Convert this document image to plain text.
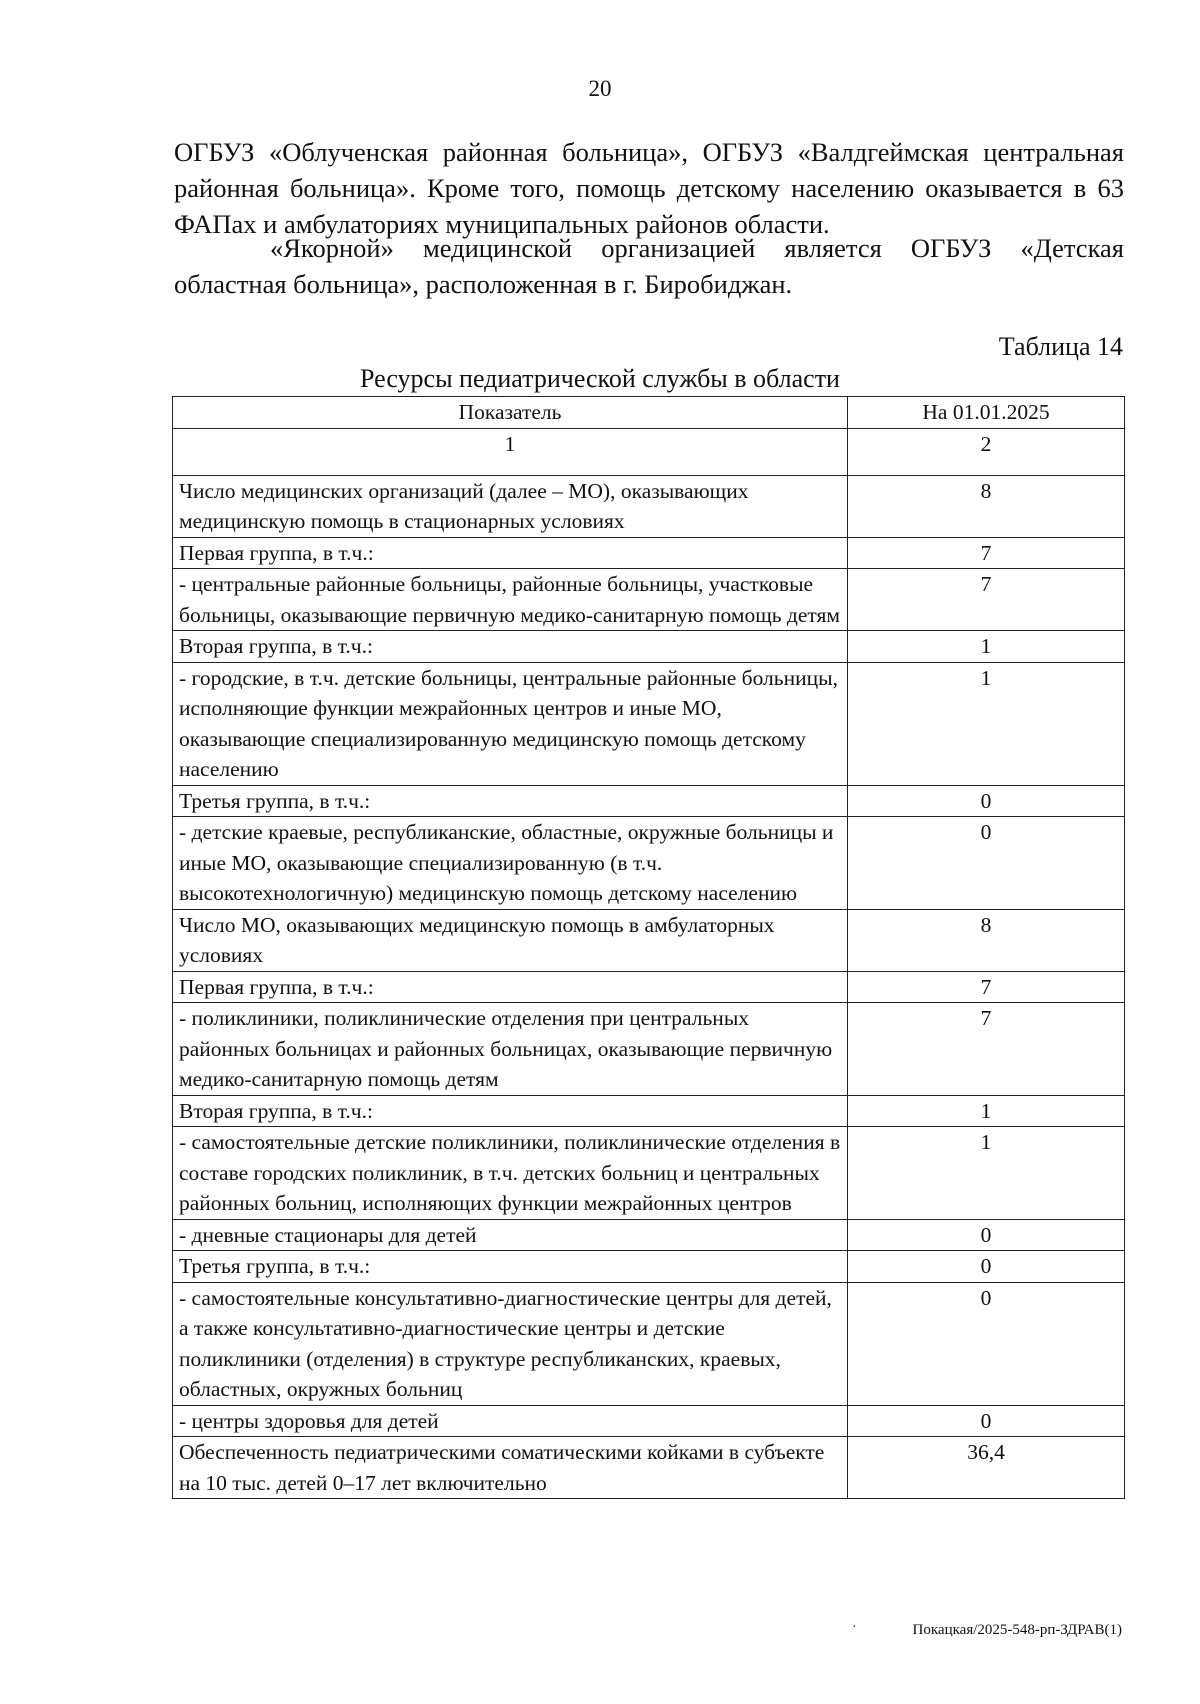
20
ОГБУЗ «Облученская районная больница», ОГБУЗ «Валдгеймская центральная районная больница». Кроме того, помощь детскому населению оказывается в 63 ФАПах и амбулаториях муниципальных районов области.
«Якорной» медицинской организацией является ОГБУЗ «Детская областная больница», расположенная в г. Биробиджан.
Таблица 14
Ресурсы педиатрической службы в области
Показатель	На 01.01.2025
1	2
Число медицинских организаций (далее – МО), оказывающих медицинскую помощь в стационарных условиях	8
Первая группа, в т.ч.:	7
- центральные районные больницы, районные больницы, участковые больницы, оказывающие первичную медико-санитарную помощь детям	7
Вторая группа, в т.ч.:	1
- городские, в т.ч. детские больницы, центральные районные больницы, исполняющие функции межрайонных центров и иные МО, оказывающие специализированную медицинскую помощь детскому населению	1
Третья группа, в т.ч.:	0
- детские краевые, республиканские, областные, окружные больницы и иные МО, оказывающие специализированную (в т.ч. высокотехнологичную) медицинскую помощь детскому населению	0
Число МО, оказывающих медицинскую помощь в амбулаторных условиях	8
Первая группа, в т.ч.:	7
- поликлиники, поликлинические отделения при центральных районных больницах и районных больницах, оказывающие первичную медико-санитарную помощь детям	7
Вторая группа, в т.ч.:	1
- самостоятельные детские поликлиники, поликлинические отделения в составе городских поликлиник, в т.ч. детских больниц и центральных районных больниц, исполняющих функции межрайонных центров	1
- дневные стационары для детей	0
Третья группа, в т.ч.:	0
- самостоятельные консультативно-диагностические центры для детей, а также консультативно-диагностические центры и детские поликлиники (отделения) в структуре республиканских, краевых, областных, окружных больниц	0
- центры здоровья для детей	0
Обеспеченность педиатрическими соматическими койками в субъекте на 10 тыс. детей 0–17 лет включительно	36,4
·	Покацкая/2025-548-рп-ЗДРАВ(1)
